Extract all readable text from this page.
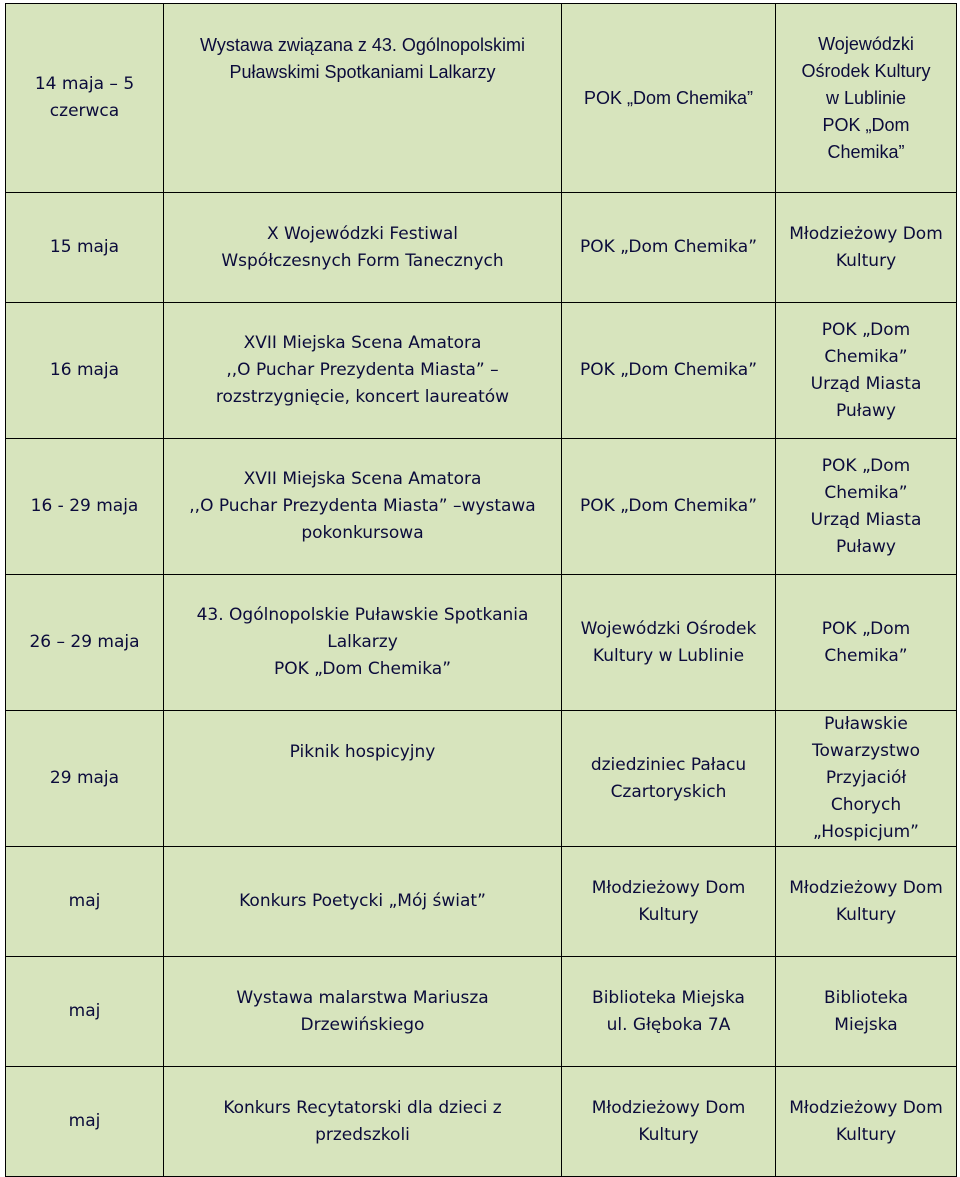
14 maja – 5
czerwca	Wystawa związana z 43. Ogólnopolskimi
Puławskimi Spotkaniami Lalkarzy	POK „Dom Chemika”	Wojewódzki
Ośrodek Kultury
w Lublinie
POK „Dom
Chemika”

15 maja	X Wojewódzki Festiwal
Współczesnych Form Tanecznych	POK „Dom Chemika”	Młodzieżowy Dom
Kultury

16 maja	XVII Miejska Scena Amatora
,,O Puchar Prezydenta Miasta” –
rozstrzygnięcie, koncert laureatów	POK „Dom Chemika”	POK „Dom
Chemika”
Urząd Miasta
Puławy

16 - 29 maja	XVII Miejska Scena Amatora
,,O Puchar Prezydenta Miasta” –wystawa
pokonkursowa	POK „Dom Chemika”	POK „Dom
Chemika”
Urząd Miasta
Puławy

26 – 29 maja	43. Ogólnopolskie Puławskie Spotkania
Lalkarzy
POK „Dom Chemika”	Wojewódzki Ośrodek
Kultury w Lublinie	POK „Dom
Chemika”

29 maja	Piknik hospicyjny	dziedziniec Pałacu
Czartoryskich	Puławskie
Towarzystwo
Przyjaciół
Chorych
„Hospicjum”

maj	Konkurs Poetycki „Mój świat”	Młodzieżowy Dom
Kultury	Młodzieżowy Dom
Kultury

maj	Wystawa malarstwa Mariusza
Drzewińskiego	Biblioteka Miejska
ul. Głęboka 7A	Biblioteka
Miejska

maj	Konkurs Recytatorski dla dzieci z
przedszkoli	Młodzieżowy Dom
Kultury	Młodzieżowy Dom
Kultury
